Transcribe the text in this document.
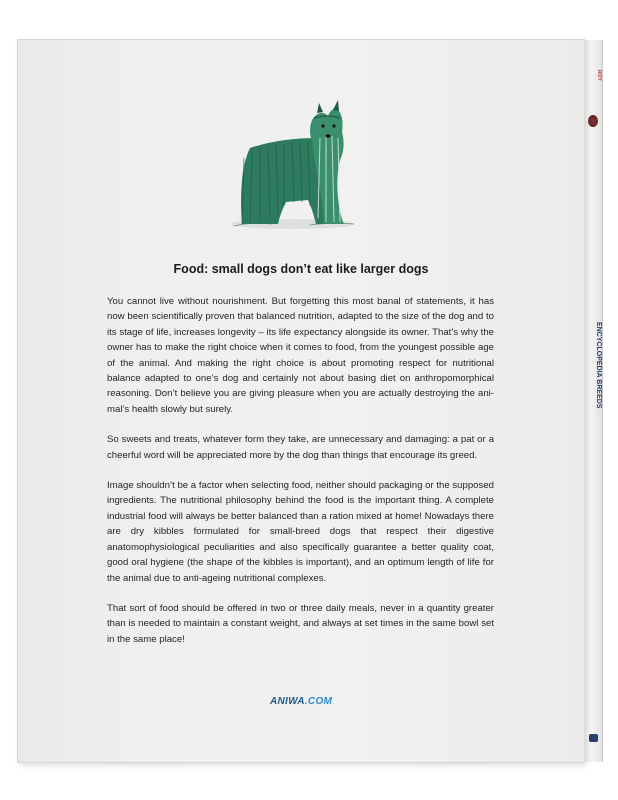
ROY
ENCYCLOPEDIA BREEDS
Food: small dogs don’t eat like larger dogs

You cannot live without nourishment. But forgetting this most banal of statements, it has now been scientifically proven that balanced nutrition, adapted to the size of the dog and to its stage of life, increases longevity – its life expectancy alongside its owner. That’s why the owner has to make the right choice when it comes to food, from the youngest possible age of the animal. And making the right choice is about promoting respect for nutritional balance adapted to one’s dog and certainly not about basing diet on anthropomorphical reasoning. Don’t believe you are giving pleasure when you are actually destroying the animal’s health slowly but surely.

So sweets and treats, whatever form they take, are unnecessary and damaging: a pat or a cheerful word will be appreciated more by the dog than things that encourage its greed.

Image shouldn’t be a factor when selecting food, neither should packaging or the supposed ingredients. The nutritional philosophy behind the food is the important thing. A complete industrial food will always be better balanced than a ration mixed at home! Nowadays there are dry kibbles formulated for small-breed dogs that respect their digestive anatomophysiological peculiarities and also specifically guarantee a better quality coat, good oral hygiene (the shape of the kibbles is important), and an optimum length of life for the animal due to anti-ageing nutritional complexes.

That sort of food should be offered in two or three daily meals, never in a quantity greater than is needed to maintain a constant weight, and always at set times in the same bowl set in the same place!

ANIWA.COM
